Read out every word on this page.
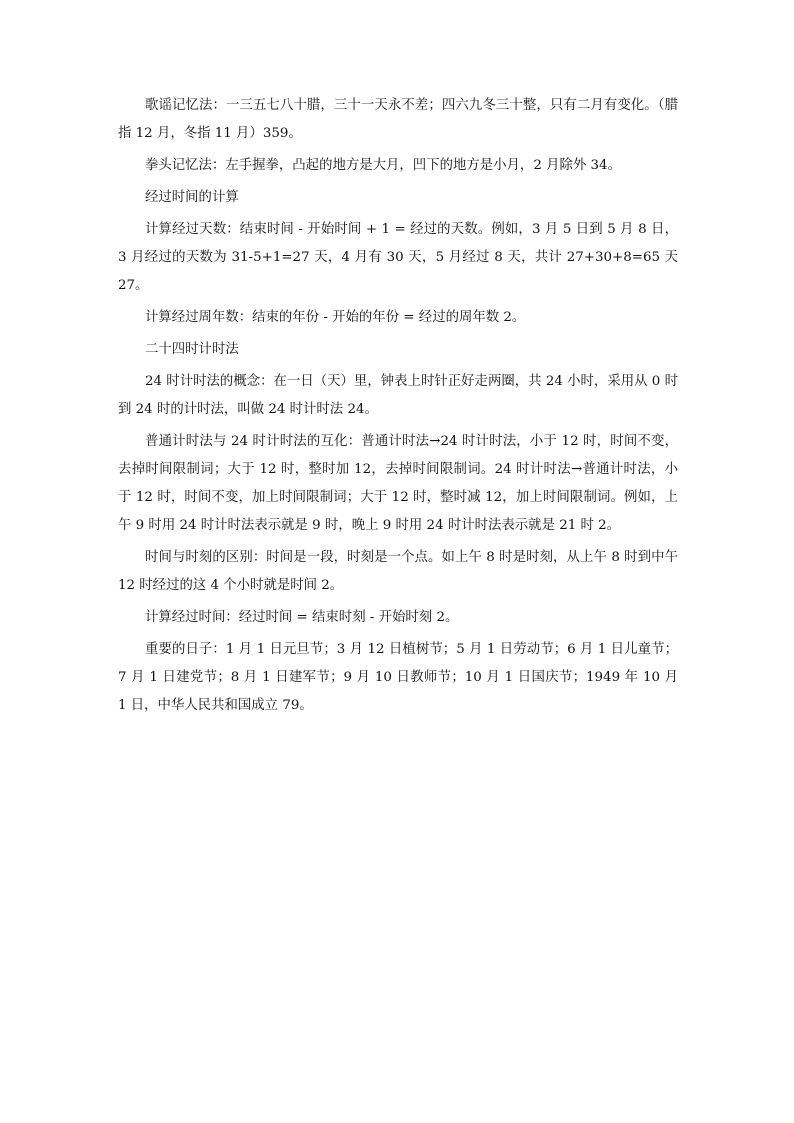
歌谣记忆法：一三五七八十腊，三十一天永不差；四六九冬三十整，只有二月有变化。（腊指 12 月，冬指 11 月）359。

拳头记忆法：左手握拳，凸起的地方是大月，凹下的地方是小月，2 月除外 34。

经过时间的计算

计算经过天数：结束时间 - 开始时间 + 1 = 经过的天数。例如，3 月 5 日到 5 月 8 日，3 月经过的天数为 31-5+1=27 天，4 月有 30 天，5 月经过 8 天，共计 27+30+8=65 天 27。

计算经过周年数：结束的年份 - 开始的年份 = 经过的周年数 2。

二十四时计时法

24 时计时法的概念：在一日（天）里，钟表上时针正好走两圈，共 24 小时，采用从 0 时到 24 时的计时法，叫做 24 时计时法 24。

普通计时法与 24 时计时法的互化：普通计时法→24 时计时法，小于 12 时，时间不变，去掉时间限制词；大于 12 时，整时加 12，去掉时间限制词。24 时计时法→普通计时法，小于 12 时，时间不变，加上时间限制词；大于 12 时，整时减 12，加上时间限制词。例如，上午 9 时用 24 时计时法表示就是 9 时，晚上 9 时用 24 时计时法表示就是 21 时 2。

时间与时刻的区别：时间是一段，时刻是一个点。如上午 8 时是时刻，从上午 8 时到中午 12 时经过的这 4 个小时就是时间 2。

计算经过时间：经过时间 = 结束时刻 - 开始时刻 2。

重要的日子：1 月 1 日元旦节；3 月 12 日植树节；5 月 1 日劳动节；6 月 1 日儿童节；7 月 1 日建党节；8 月 1 日建军节；9 月 10 日教师节；10 月 1 日国庆节；1949 年 10 月 1 日，中华人民共和国成立 79。
